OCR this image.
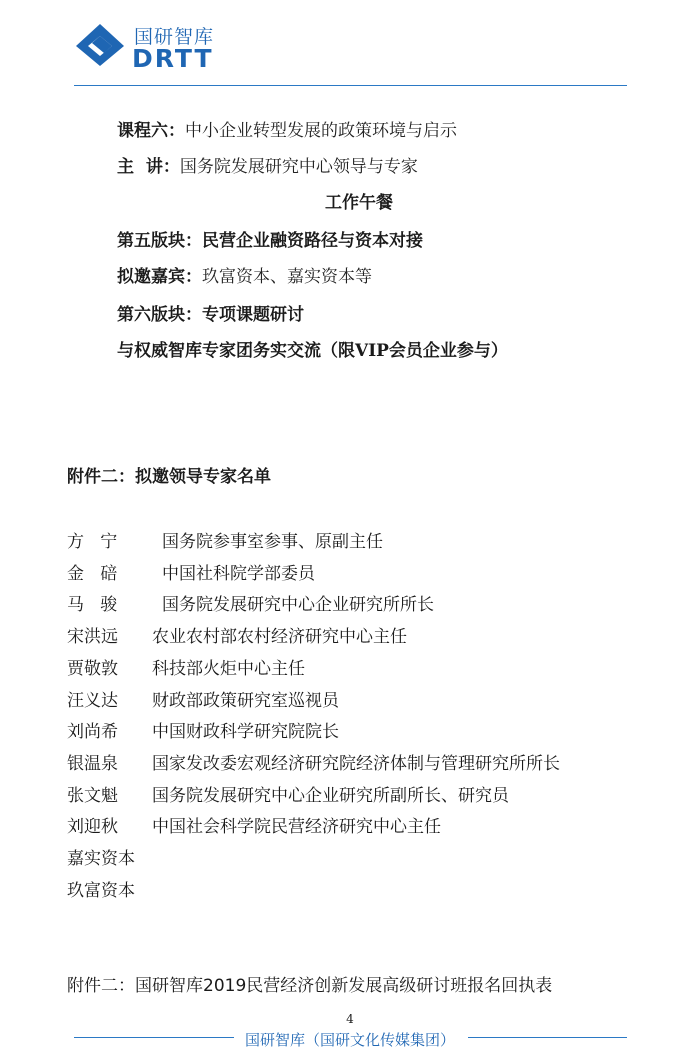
国研智库
DRTT
课程六：中小企业转型发展的政策环境与启示
主  讲：国务院发展研究中心领导与专家
工作午餐
第五版块：民营企业融资路径与资本对接
拟邀嘉宾：玖富资本、嘉实资本等
第六版块：专项课题研讨
与权威智库专家团务实交流（限VIP会员企业参与）
附件二：拟邀领导专家名单
方   宁	国务院参事室参事、原副主任
金   碚	中国社科院学部委员
马   骏	国务院发展研究中心企业研究所所长
宋洪远 农业农村部农村经济研究中心主任
贾敬敦 科技部火炬中心主任
汪义达 财政部政策研究室巡视员
刘尚希 中国财政科学研究院院长
银温泉 国家发改委宏观经济研究院经济体制与管理研究所所长
张文魁 国务院发展研究中心企业研究所副所长、研究员
刘迎秋 中国社会科学院民营经济研究中心主任
嘉实资本
玖富资本
附件二：国研智库2019民营经济创新发展高级研讨班报名回执表
4
国研智库（国研文化传媒集团）
